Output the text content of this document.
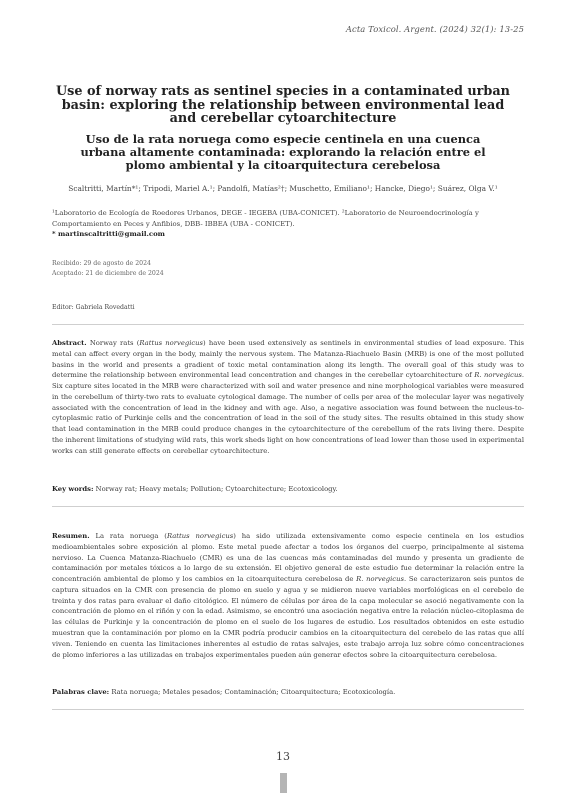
Acta Toxicol. Argent. (2024) 32(1): 13-25
Use of norway rats as sentinel species in a contaminated urban basin: exploring the relationship between environmental lead and cerebellar cytoarchitecture
Uso de la rata noruega como especie centinela en una cuenca urbana altamente contaminada: explorando la relación entre el plomo ambiental y la citoarquitectura cerebelosa
Scaltritti, Martín*¹; Tripodi, Mariel A.¹; Pandolfi, Matías²†; Muschetto, Emiliano¹; Hancke, Diego¹; Suárez, Olga V.¹
¹Laboratorio de Ecología de Roedores Urbanos, DEGE - IEGEBA (UBA-CONICET). ²Laboratorio de Neuroendocrinología y Comportamiento en Peces y Anfibios, DBB- IBBEA (UBA - CONICET).
* martinscaltritti@gmail.com
Recibido: 29 de agosto de 2024
Aceptado: 21 de diciembre de 2024
Editor: Gabriela Rovedatti
Abstract. Norway rats (Rattus norvegicus) have been used extensively as sentinels in environmental studies of lead exposure. This metal can affect every organ in the body, mainly the nervous system. The Matanza-Riachuelo Basin (MRB) is one of the most polluted basins in the world and presents a gradient of toxic metal contamination along its length. The overall goal of this study was to determine the relationship between environmental lead concentration and changes in the cerebellar cytoarchitecture of R. norvegicus. Six capture sites located in the MRB were characterized with soil and water presence and nine morphological variables were measured in the cerebellum of thirty-two rats to evaluate cytological damage. The number of cells per area of the molecular layer was negatively associated with the concentration of lead in the kidney and with age. Also, a negative association was found between the nucleus-to-cytoplasmic ratio of Purkinje cells and the concentration of lead in the soil of the study sites. The results obtained in this study show that lead contamination in the MRB could produce changes in the cytoarchitecture of the cerebellum of the rats living there. Despite the inherent limitations of studying wild rats, this work sheds light on how concentrations of lead lower than those used in experimental works can still generate effects on cerebellar cytoarchitecture.
Key words: Norway rat; Heavy metals; Pollution; Cytoarchitecture; Ecotoxicology.
Resumen. La rata noruega (Rattus norvegicus) ha sido utilizada extensivamente como especie centinela en los estudios medioambientales sobre exposición al plomo. Este metal puede afectar a todos los órganos del cuerpo, principalmente al sistema nervioso. La Cuenca Matanza-Riachuelo (CMR) es una de las cuencas más contaminadas del mundo y presenta un gradiente de contaminación por metales tóxicos a lo largo de su extensión. El objetivo general de este estudio fue determinar la relación entre la concentración ambiental de plomo y los cambios en la citoarquitectura cerebelosa de R. norvegicus. Se caracterizaron seis puntos de captura situados en la CMR con presencia de plomo en suelo y agua y se midieron nueve variables morfológicas en el cerebelo de treinta y dos ratas para evaluar el daño citológico. El número de células por área de la capa molecular se asoció negativamente con la concentración de plomo en el riñón y con la edad. Asimismo, se encontró una asociación negativa entre la relación núcleo-citoplasma de las células de Purkinje y la concentración de plomo en el suelo de los lugares de estudio. Los resultados obtenidos en este estudio muestran que la contaminación por plomo en la CMR podría producir cambios en la citoarquitectura del cerebelo de las ratas que allí viven. Teniendo en cuenta las limitaciones inherentes al estudio de ratas salvajes, este trabajo arroja luz sobre cómo concentraciones de plomo inferiores a las utilizadas en trabajos experimentales pueden aún generar efectos sobre la citoarquitectura cerebelosa.
Palabras clave: Rata noruega; Metales pesados; Contaminación; Citoarquitectura; Ecotoxicología.
13
